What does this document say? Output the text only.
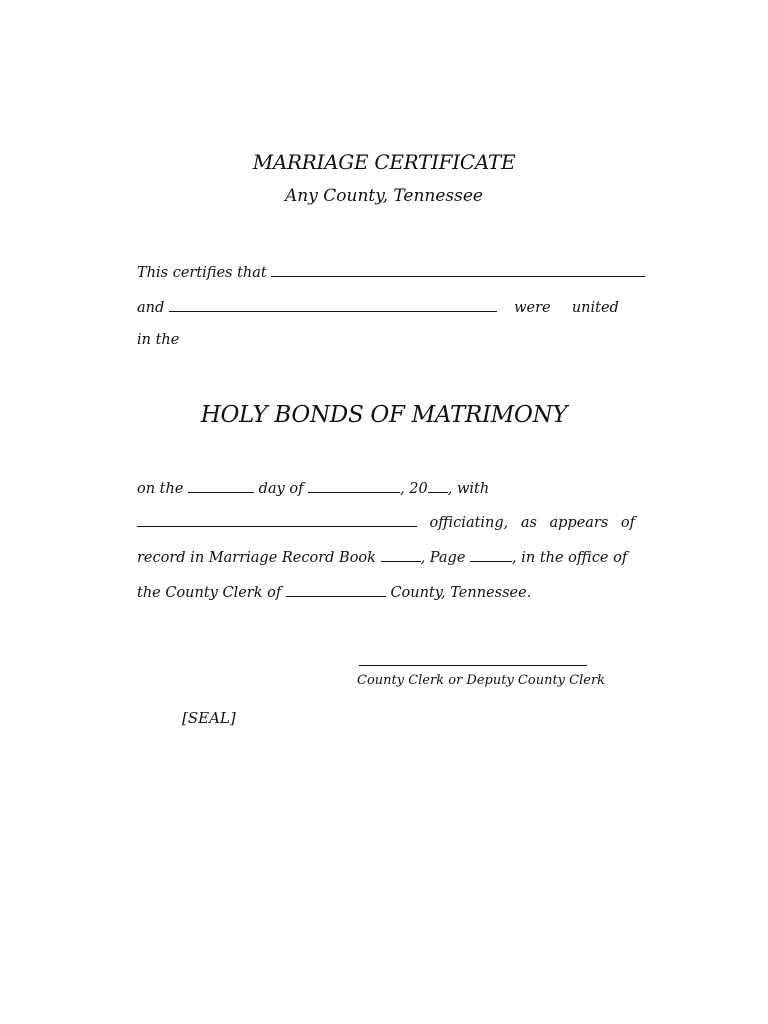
MARRIAGE CERTIFICATE
Any County, Tennessee
This certifies that
and	were united
in the
HOLY BONDS OF MATRIMONY
on the	day of	, 20 , with
officiating, as appears of
record in Marriage Record Book	, Page	, in the office of
the County Clerk of	County, Tennessee.
County Clerk or Deputy County Clerk
[SEAL]
